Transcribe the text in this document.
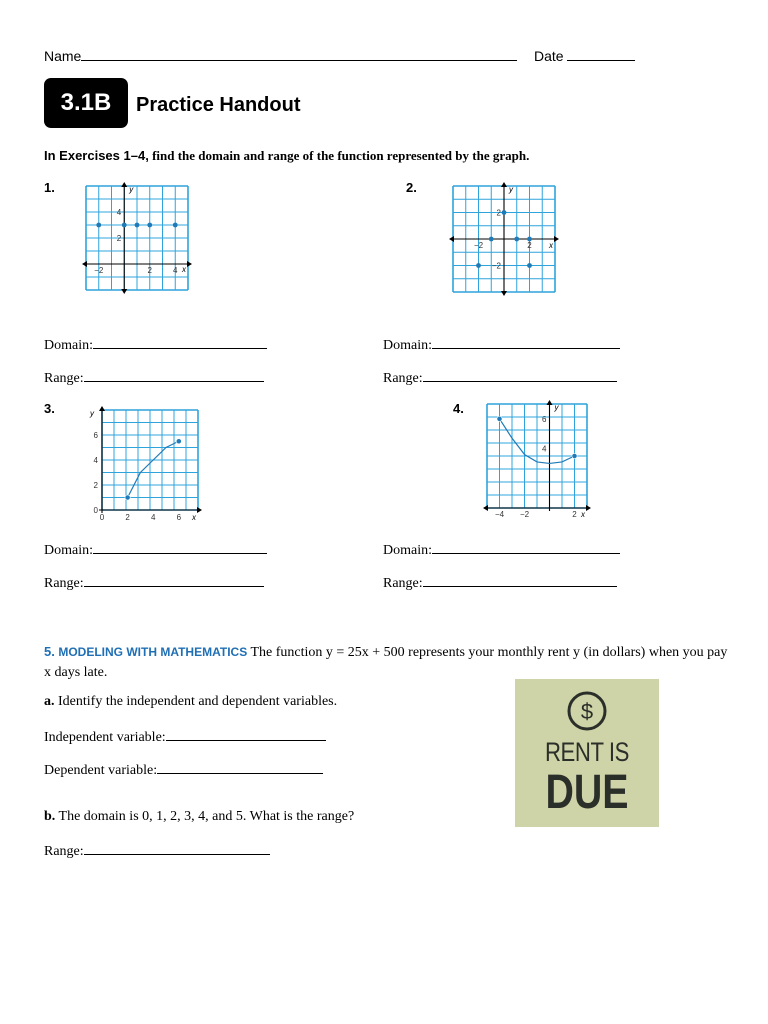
Name	Date
3.1B	Practice Handout
In Exercises 1–4, find the domain and range of the function represented by the graph.
1.	2.
3.	4.
x
y
−2	2	4
4
2
x
y
−2	2
2
−2
x
y
0	2	4	6
6
4
2
0	x
y
−4 −2	2
6
4
Domain:
Range:
Domain:
Range:
Domain:
Range:
Domain:
Range:
5. MODELING WITH MATHEMATICS The function y = 25x + 500 represents your monthly rent y (in dollars) when you pay x days late.
a. Identify the independent and dependent variables.
Independent variable:
Dependent variable:
b. The domain is 0, 1, 2, 3, 4, and 5. What is the range?
Range:
$
RENT IS
DUE
